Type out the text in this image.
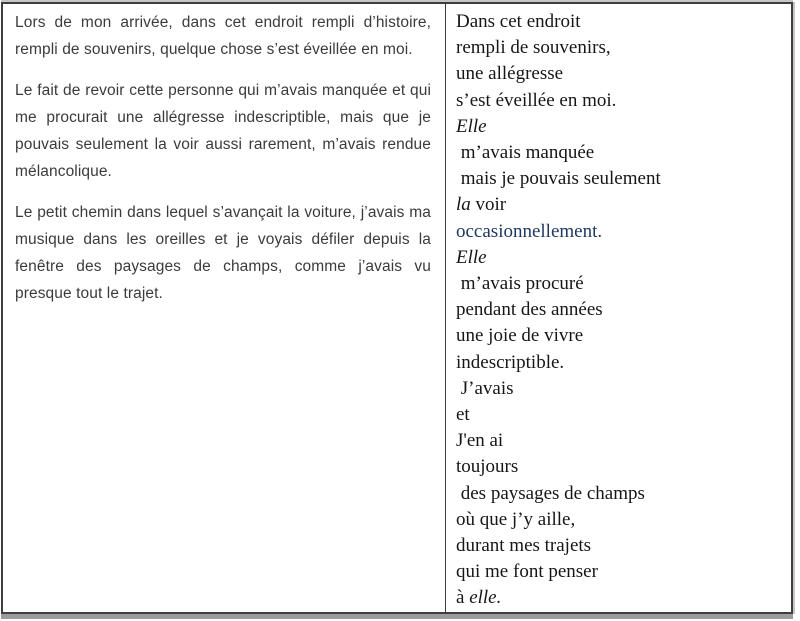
Lors de mon arrivée, dans cet endroit rempli d’histoire, rempli de souvenirs, quelque chose s’est éveillée en moi.

Le fait de revoir cette personne qui m’avais manquée et qui me procurait une allégresse indescriptible, mais que je pouvais seulement la voir aussi rarement, m’avais rendue mélancolique.

Le petit chemin dans lequel s’avançait la voiture, j’avais ma musique dans les oreilles et je voyais défiler depuis la fenêtre des paysages de champs, comme j’avais vu presque tout le trajet.

Dans cet endroit
rempli de souvenirs,
une allégresse
s’est éveillée en moi.
Elle
m’avais manquée
mais je pouvais seulement
la voir
occasionnellement.
Elle
m’avais procuré
pendant des années
une joie de vivre
indescriptible.
J’avais
et
J'en ai
toujours
des paysages de champs
où que j’y aille,
durant mes trajets
qui me font penser
à elle.
